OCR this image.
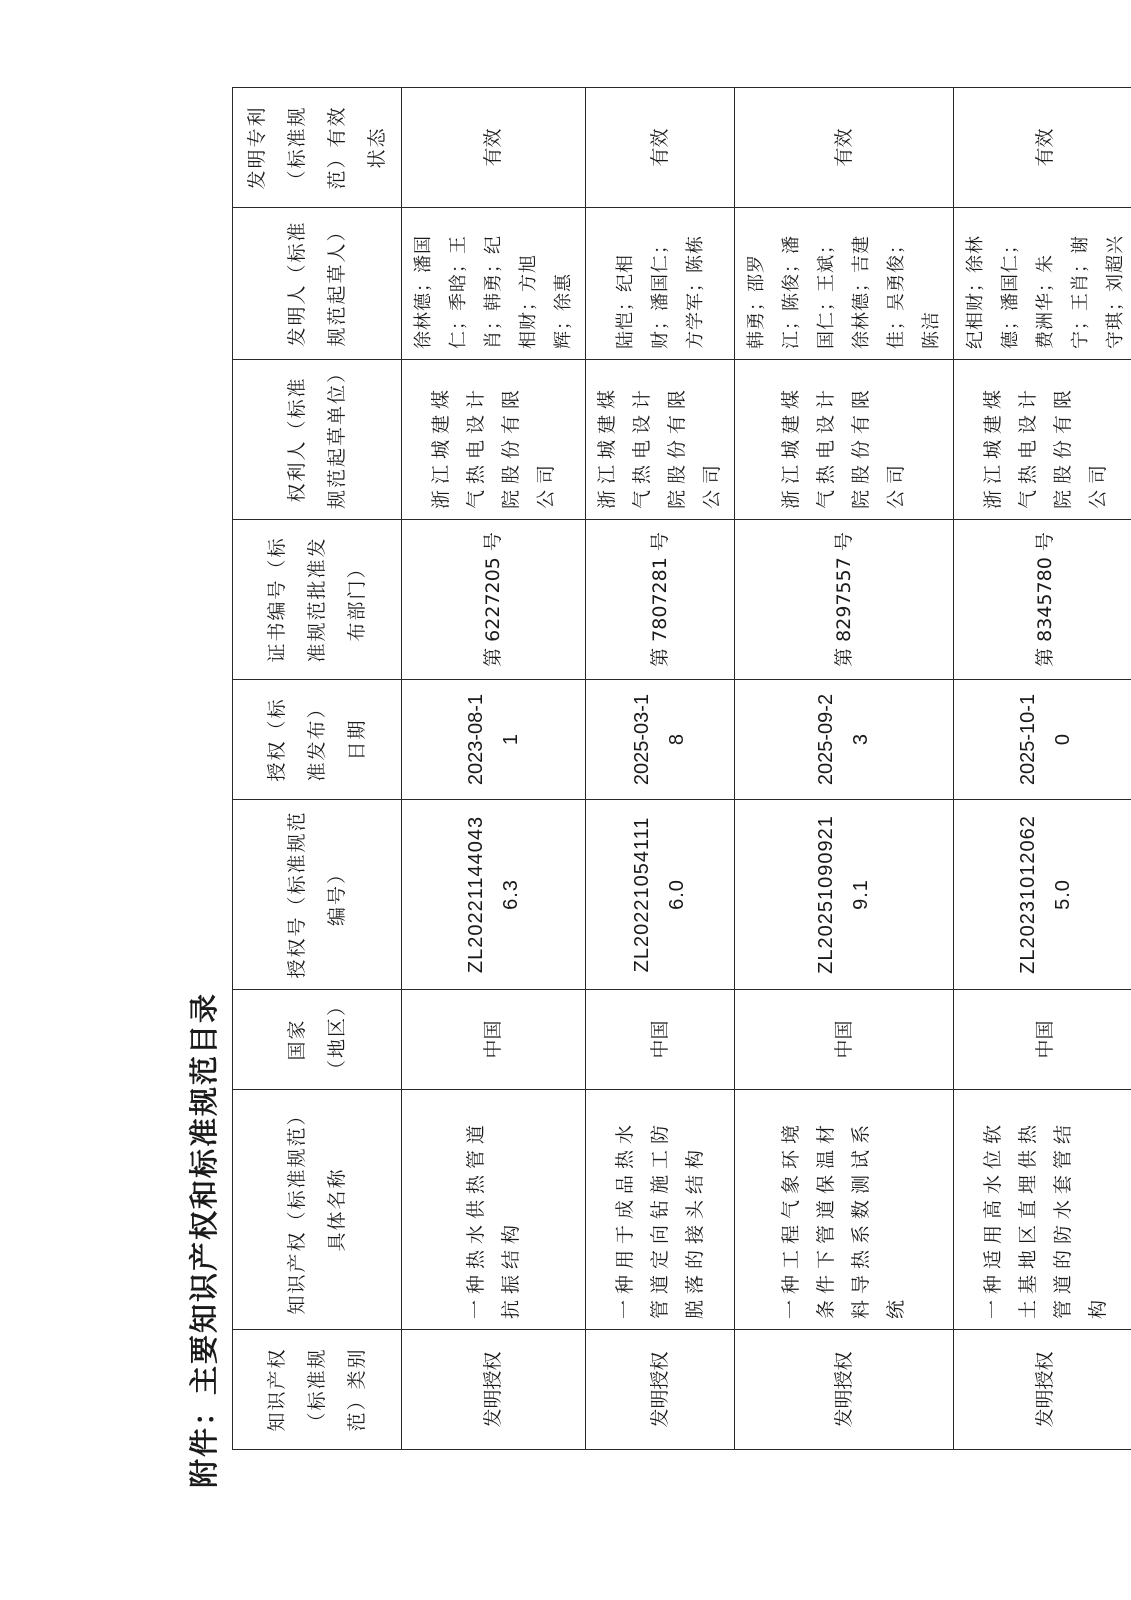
附件：主要知识产权和标准规范目录 知识产权（标准规范）类别	知识产权（标准规范）具体名称	国家（地区）	授权号（标准规范编号）	授权（标准发布）日期	证书编号（标准规范批准发布部门）	权利人（标准规范起草单位）	发明人（标准规范起草人）	发明专利（标准规范）有效状态
发明授权	一种热水供热管道抗振结构	中国	ZL202211440436.3	2023-08-11	第 6227205 号	浙江城建煤气热电设计院股份有限公司	徐林德；潘国仁；季晗；王肖；韩勇；纪相财；方旭辉；徐惠	有效
发明授权	一种用于成品热水管道定向钻施工防脱落的接头结构	中国	ZL202210541116.0	2025-03-18	第 7807281 号	浙江城建煤气热电设计院股份有限公司	陆恺；纪相财；潘国仁；方学军；陈栋	有效
发明授权	一种工程气象环境条件下管道保温材料导热系数测试系统	中国	ZL202510909219.1	2025-09-23	第 8297557 号	浙江城建煤气热电设计院股份有限公司	韩勇；邵罗江；陈俊；潘国仁；王斌；徐林德；吉建佳；吴勇俊；陈洁	有效
发明授权	一种适用高水位软土基地区直埋供热管道的防水套管结构	中国	ZL202310120625.0	2025-10-10	第 8345780 号	浙江城建煤气热电设计院股份有限公司	纪相财；徐林德；潘国仁；费洲华；朱宁；王肖；谢守琪；刘超兴	有效
